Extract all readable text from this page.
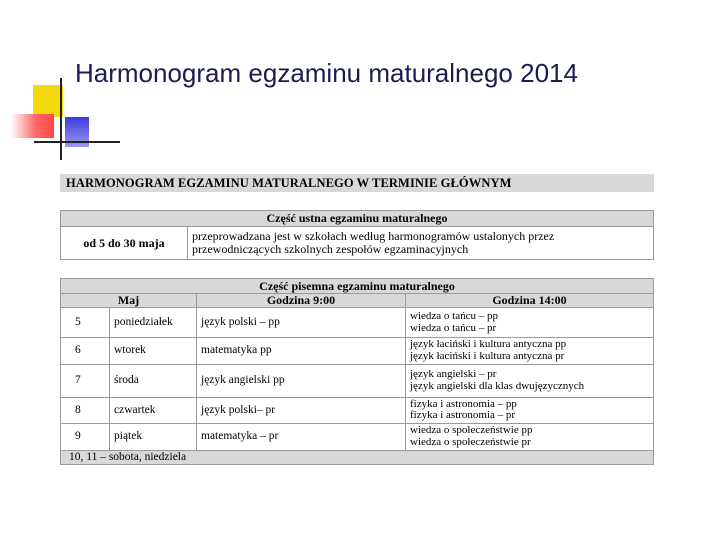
Harmonogram egzaminu maturalnego 2014
HARMONOGRAM EGZAMINU MATURALNEGO W TERMINIE GŁÓWNYM
Część ustna egzaminu maturalnego
od 5 do 30 maja	przeprowadzana jest w szkołach według harmonogramów ustalonych przez
przewodniczących szkolnych zespołów egzaminacyjnych
Część pisemna egzaminu maturalnego			
Maj		Godzina 9:00	Godzina 14:00
5	poniedziałek	język polski – pp	wiedza o tańcu – pp
wiedza o tańcu – pr

6	wtorek	matematyka pp	język łaciński i kultura antyczna pp
język łaciński i kultura antyczna pr

7	środa	język angielski pp	język angielski – pr
język angielski dla klas dwujęzycznych

8	czwartek	język polski– pr	fizyka i astronomia – pp
fizyka i astronomia – pr

9	piątek	matematyka – pr	wiedza o społeczeństwie pp
wiedza o społeczeństwie pr

10, 11 – sobota, niedziela			
